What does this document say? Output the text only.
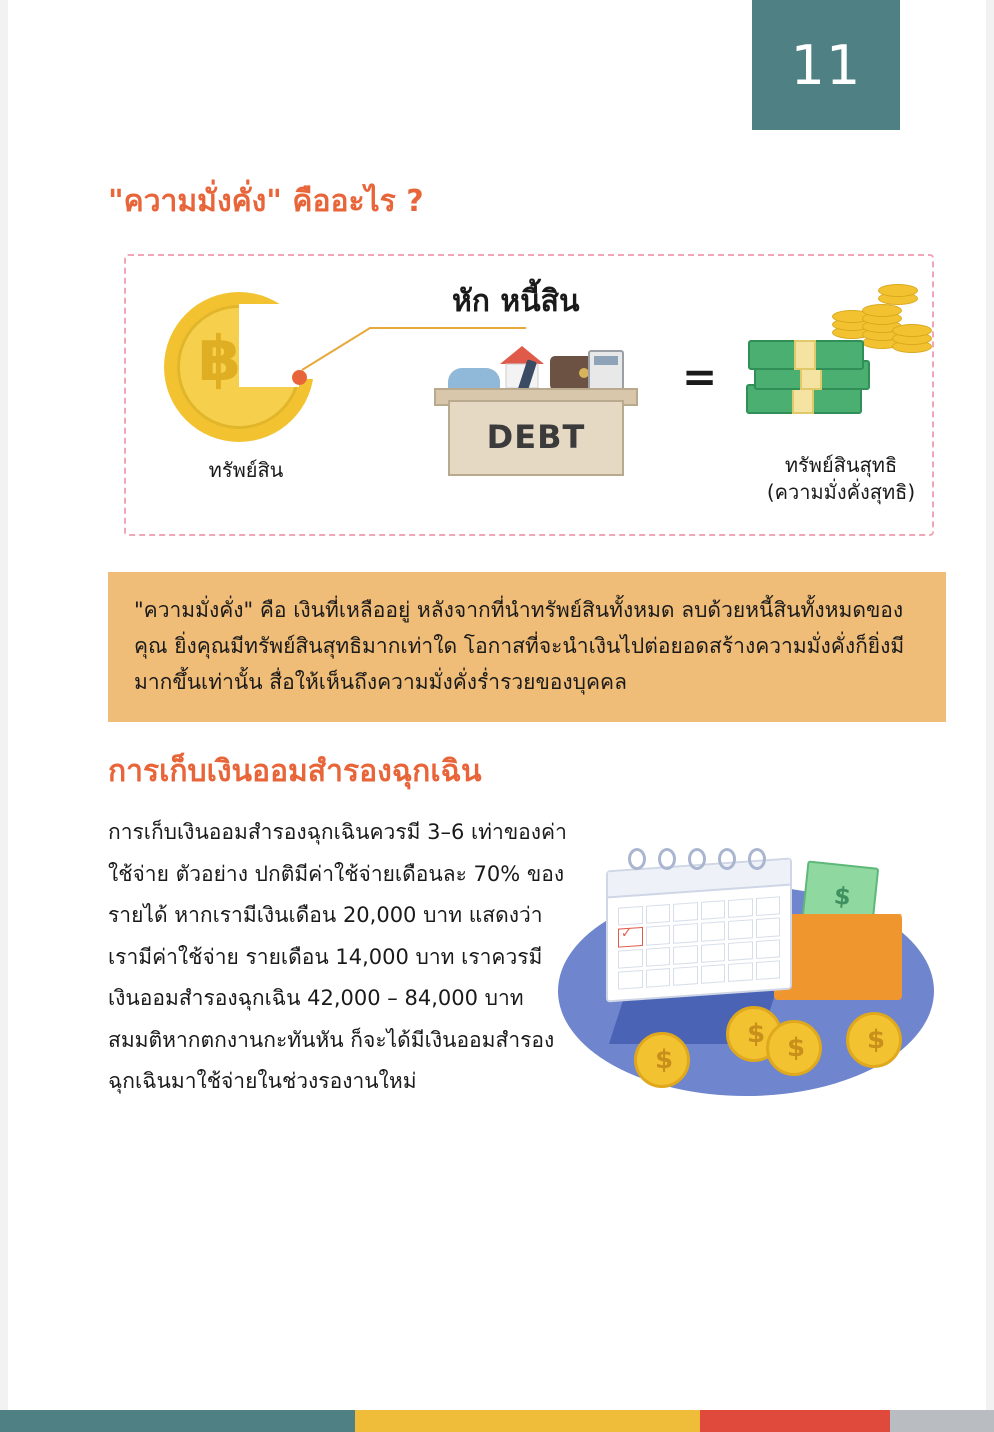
11
"ความมั่งคั่ง" คืออะไร ?
฿
ทรัพย์สิน
หัก หนี้สิน
DEBT
=
ทรัพย์สินสุทธิ
(ความมั่งคั่งสุทธิ)
"ความมั่งคั่ง" คือ เงินที่เหลืออยู่ หลังจากที่นำทรัพย์สินทั้งหมด ลบด้วยหนี้สินทั้งหมดของคุณ ยิ่งคุณมีทรัพย์สินสุทธิมากเท่าใด โอกาสที่จะนำเงินไปต่อยอดสร้างความมั่งคั่งก็ยิ่งมีมากขึ้นเท่านั้น สื่อให้เห็นถึงความมั่งคั่งร่ำรวยของบุคคล
การเก็บเงินออมสำรองฉุกเฉิน
การเก็บเงินออมสำรองฉุกเฉินควรมี 3–6 เท่าของค่าใช้จ่าย ตัวอย่าง ปกติมีค่าใช้จ่ายเดือนละ 70% ของรายได้ หากเรามีเงินเดือน 20,000 บาท แสดงว่าเรามีค่าใช้จ่าย รายเดือน 14,000 บาท เราควรมีเงินออมสำรองฉุกเฉิน 42,000 – 84,000 บาท สมมติหากตกงานกะทันหัน ก็จะได้มีเงินออมสำรองฉุกเฉินมาใช้จ่ายในช่วงรองานใหม่
$
✓
$
$
$
$
